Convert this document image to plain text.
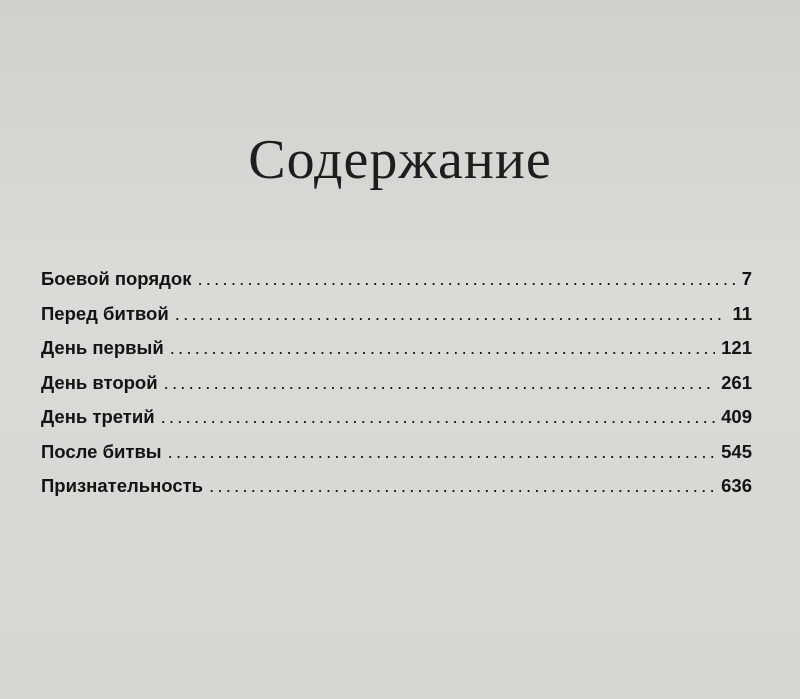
Содержание
Боевой порядок .....	7
Перед битвой .....	11
День первый .....	121
День второй .....	261
День третий .....	409
После битвы .....	545
Признательность .....	636
